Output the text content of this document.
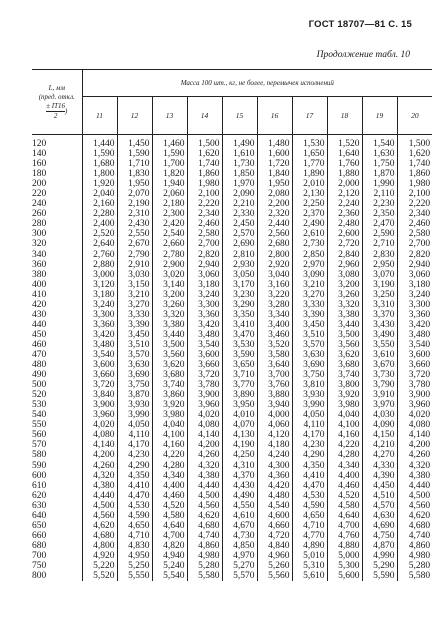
ГОСТ 18707—81 С. 15
Продолжение табл. 10
L, мм
(пред. откл.

$\frac{\pm IT16}{2}$ )	Масса 100 шт., кг, не более, перемычек исполнений									
	11	12	13	14	15	16	17	18	19	20
120	1,440	1,450	1,460	1,500	1,490	1,480	1,530	1,520	1,540	1,500
140	1,590	1,590	1,590	1,620	1,610	1,600	1,650	1,640	1,630	1,620
160	1,680	1,710	1,700	1,740	1,730	1,720	1,770	1,760	1,750	1,740
180	1,800	1,830	1,820	1,860	1,850	1,840	1,890	1,880	1,870	1,860
200	1,920	1,950	1,940	1,980	1,970	1,950	2,010	2,000	1,990	1,980
220	2,040	2,070	2,060	2,100	2,090	2,080	2,130	2,120	2,110	2,100
240	2,160	2,190	2,180	2,220	2,210	2,200	2,250	2,240	2,230	2,220
260	2,280	2,310	2,300	2,340	2,330	2,320	2,370	2,360	2,350	2,340
280	2,400	2,430	2,420	2,460	2,450	2,440	2,490	2,480	2,470	2,460
300	2,520	2,550	2,540	2,580	2,570	2,560	2,610	2,600	2,590	2,580
320	2,640	2,670	2,660	2,700	2,690	2,680	2,730	2,720	2,710	2,700
340	2,760	2,790	2,780	2,820	2,810	2,800	2,850	2,840	2,830	2,820
360	2,880	2,910	2,900	2,940	2,930	2,920	2,970	2,960	2,950	2,940
380	3,000	3,030	3,020	3,060	3,050	3,040	3,090	3,080	3,070	3,060
400	3,120	3,150	3,140	3,180	3,170	3,160	3,210	3,200	3,190	3,180
410	3,180	3,210	3,200	3,240	3,230	3,220	3,270	3,260	3,250	3,240
420	3,240	3,270	3,260	3,300	3,290	3,280	3,330	3,320	3,310	3,300
430	3,300	3,330	3,320	3,360	3,350	3,340	3,390	3,380	3,370	3,360
440	3,360	3,390	3,380	3,420	3,410	3,400	3,450	3,440	3,430	3,420
450	3,420	3,450	3,440	3,480	3,470	3,460	3,510	3,500	3,490	3,480
460	3,480	3,510	3,500	3,540	3,530	3,520	3,570	3,560	3,550	3,540
470	3,540	3,570	3,560	3,600	3,590	3,580	3,630	3,620	3,610	3,600
480	3,600	3,630	3,620	3,660	3,650	3,640	3,690	3,680	3,670	3,660
490	3,660	3,690	3,680	3,720	3,710	3,700	3,750	3,740	3,730	3,720
500	3,720	3,750	3,740	3,780	3,770	3,760	3,810	3,800	3,790	3,780
520	3,840	3,870	3,860	3,900	3,890	3,880	3,930	3,920	3,910	3,900
530	3,900	3,930	3,920	3,960	3,950	3,940	3,990	3,980	3,970	3,960
540	3,960	3,990	3,980	4,020	4,010	4,000	4,050	4,040	4,030	4,020
550	4,020	4,050	4,040	4,080	4,070	4,060	4,110	4,100	4,090	4,080
560	4,080	4,110	4,100	4,140	4,130	4,120	4,170	4,160	4,150	4,140
570	4,140	4,170	4,160	4,200	4,190	4,180	4,230	4,220	4,210	4,200
580	4,200	4,230	4,220	4,260	4,250	4,240	4,290	4,280	4,270	4,260
590	4,260	4,290	4,280	4,320	4,310	4,300	4,350	4,340	4,330	4,320
600	4,320	4,350	4,340	4,380	4,370	4,360	4,410	4,400	4,390	4,380
610	4,380	4,410	4,400	4,440	4,430	4,420	4,470	4,460	4,450	4,440
620	4,440	4,470	4,460	4,500	4,490	4,480	4,530	4,520	4,510	4,500
630	4,500	4,530	4,520	4,560	4,550	4,540	4,590	4,580	4,570	4,560
640	4,560	4,590	4,580	4,620	4,610	4,600	4,650	4,640	4,630	4,620
650	4,620	4,650	4,640	4,680	4,670	4,660	4,710	4,700	4,690	4,680
660	4,680	4,710	4,700	4,740	4,730	4,720	4,770	4,760	4,750	4,740
680	4,800	4,830	4,820	4,860	4,850	4,840	4,890	4,880	4,870	4,860
700	4,920	4,950	4,940	4,980	4,970	4,960	5,010	5,000	4,990	4,980
750	5,220	5,250	5,240	5,280	5,270	5,260	5,310	5,300	5,290	5,280
800	5,520	5,550	5,540	5,580	5,570	5,560	5,610	5,600	5,590	5,580
